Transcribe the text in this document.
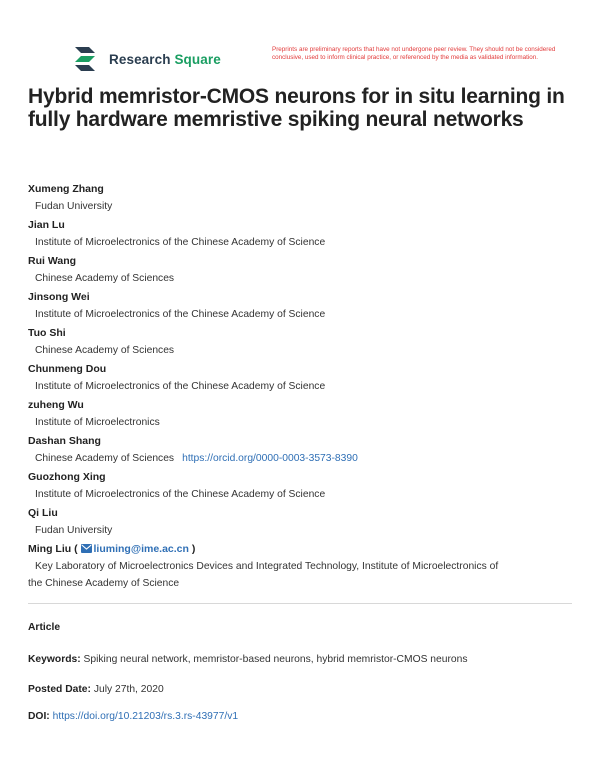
Research Square
Preprints are preliminary reports that have not undergone peer review. They should not be considered conclusive, used to inform clinical practice, or referenced by the media as validated information.
Hybrid memristor-CMOS neurons for in situ learning in fully hardware memristive spiking neural networks
Xumeng Zhang
Fudan University
Jian Lu
Institute of Microelectronics of the Chinese Academy of Science
Rui Wang
Chinese Academy of Sciences
Jinsong Wei
Institute of Microelectronics of the Chinese Academy of Science
Tuo Shi
Chinese Academy of Sciences
Chunmeng Dou
Institute of Microelectronics of the Chinese Academy of Science
zuheng Wu
Institute of Microelectronics
Dashan Shang
Chinese Academy of Sciences https://orcid.org/0000-0003-3573-8390
Guozhong Xing
Institute of Microelectronics of the Chinese Academy of Science
Qi Liu
Fudan University
Ming Liu ( liuming@ime.ac.cn )
Key Laboratory of Microelectronics Devices and Integrated Technology, Institute of Microelectronics of
the Chinese Academy of Science
Article
Keywords: Spiking neural network, memristor-based neurons, hybrid memristor-CMOS neurons
Posted Date: July 27th, 2020
DOI: https://doi.org/10.21203/rs.3.rs-43977/v1
